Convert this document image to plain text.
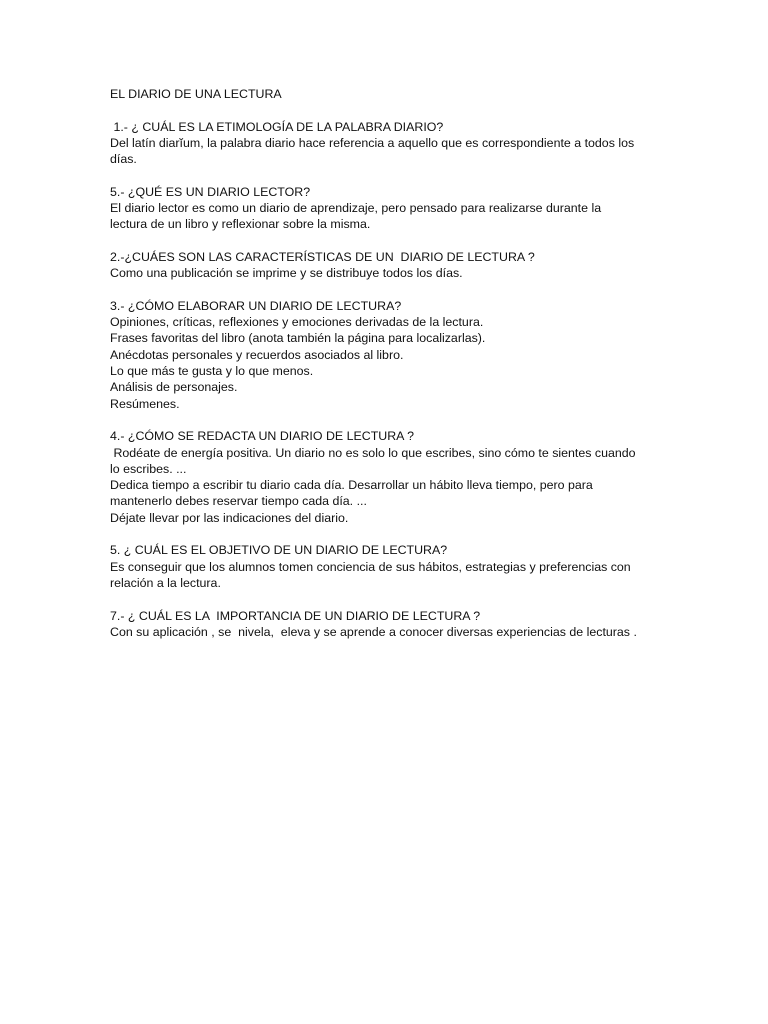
EL DIARIO DE UNA LECTURA

1.- ¿ CUÁL ES LA ETIMOLOGÍA DE LA PALABRA DIARIO?

Del latín diarĭum, la palabra diario hace referencia a aquello que es correspondiente a todos los

días.

5.- ¿QUÉ ES UN DIARIO LECTOR?

El diario lector es como un diario de aprendizaje, pero pensado para realizarse durante la

lectura de un libro y reflexionar sobre la misma.

2.-¿CUÁES SON LAS CARACTERÍSTICAS DE UN  DIARIO DE LECTURA ?

Como una publicación se imprime y se distribuye todos los días.

3.- ¿CÓMO ELABORAR UN DIARIO DE LECTURA?

Opiniones, críticas, reflexiones y emociones derivadas de la lectura.

Frases favoritas del libro (anota también la página para localizarlas).

Anécdotas personales y recuerdos asociados al libro.

Lo que más te gusta y lo que menos.

Análisis de personajes.

Resúmenes.

4.- ¿CÓMO SE REDACTA UN DIARIO DE LECTURA ?

Rodéate de energía positiva. Un diario no es solo lo que escribes, sino cómo te sientes cuando

lo escribes. ...

Dedica tiempo a escribir tu diario cada día. Desarrollar un hábito lleva tiempo, pero para

mantenerlo debes reservar tiempo cada día. ...

Déjate llevar por las indicaciones del diario.

5. ¿ CUÁL ES EL OBJETIVO DE UN DIARIO DE LECTURA?

Es conseguir que los alumnos tomen conciencia de sus hábitos, estrategias y preferencias con

relación a la lectura.

7.- ¿ CUÁL ES LA  IMPORTANCIA DE UN DIARIO DE LECTURA ?

Con su aplicación , se  nivela,  eleva y se aprende a conocer diversas experiencias de lecturas .
